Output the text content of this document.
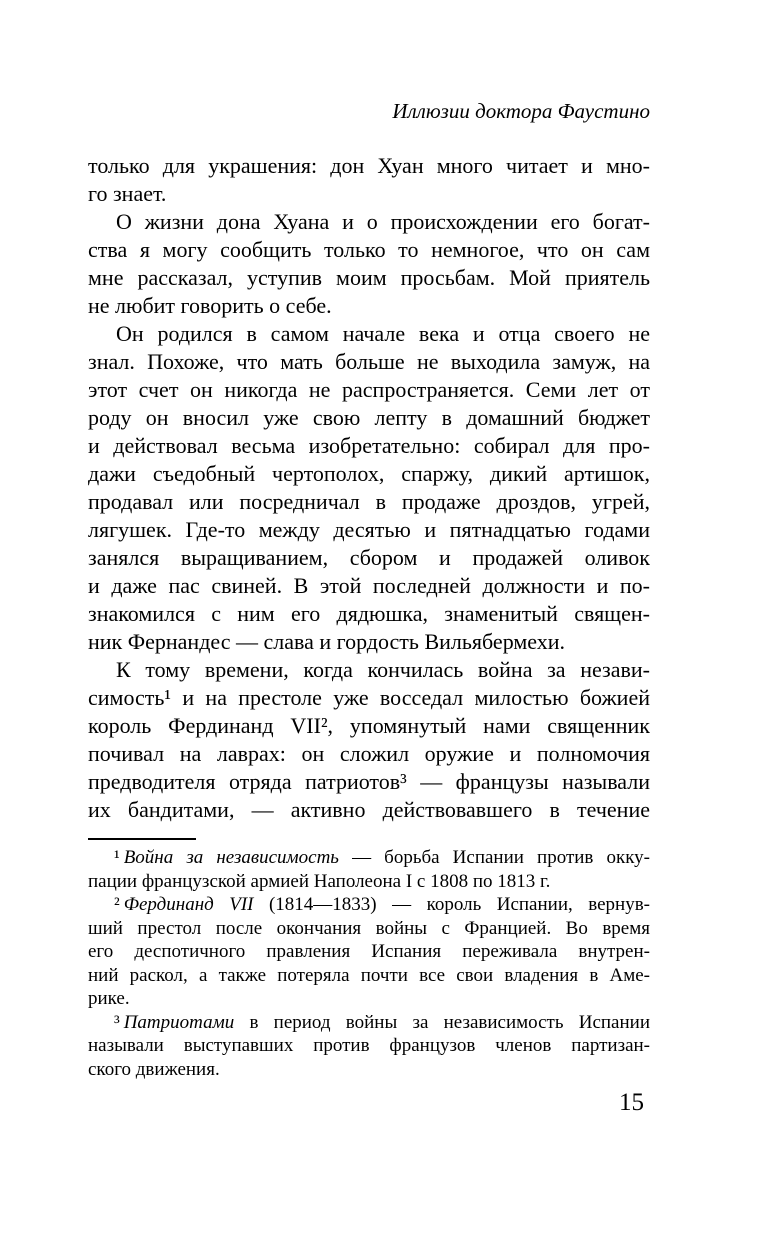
Иллюзии доктора Фаустино
только для украшения: дон Хуан много читает и мно-
го знает.
О жизни дона Хуана и о происхождении его богат-
ства я могу сообщить только то немногое, что он сам
мне рассказал, уступив моим просьбам. Мой приятель
не любит говорить о себе.
Он родился в самом начале века и отца своего не
знал. Похоже, что мать больше не выходила замуж, на
этот счет он никогда не распространяется. Семи лет от
роду он вносил уже свою лепту в домашний бюджет
и действовал весьма изобретательно: собирал для про-
дажи съедобный чертополох, спаржу, дикий артишок,
продавал или посредничал в продаже дроздов, угрей,
лягушек. Где-то между десятью и пятнадцатью годами
занялся выращиванием, сбором и продажей оливок
и даже пас свиней. В этой последней должности и по-
знакомился с ним его дядюшка, знаменитый священ-
ник Фернандес — слава и гордость Вильябермехи.
К тому времени, когда кончилась война за незави-
симость¹ и на престоле уже восседал милостью божией
король Фердинанд VII², упомянутый нами священник
почивал на лаврах: он сложил оружие и полномочия
предводителя отряда патриотов³ — французы называли
их бандитами, — активно действовавшего в течение
¹ Война за независимость — борьба Испании против окку-
пации французской армией Наполеона I с 1808 по 1813 г.
² Фердинанд VII (1814—1833) — король Испании, вернув-
ший престол после окончания войны с Францией. Во время
его деспотичного правления Испания переживала внутрен-
ний раскол, а также потеряла почти все свои владения в Аме-
рике.
³ Патриотами в период войны за независимость Испании
называли выступавших против французов членов партизан-
ского движения.
15
